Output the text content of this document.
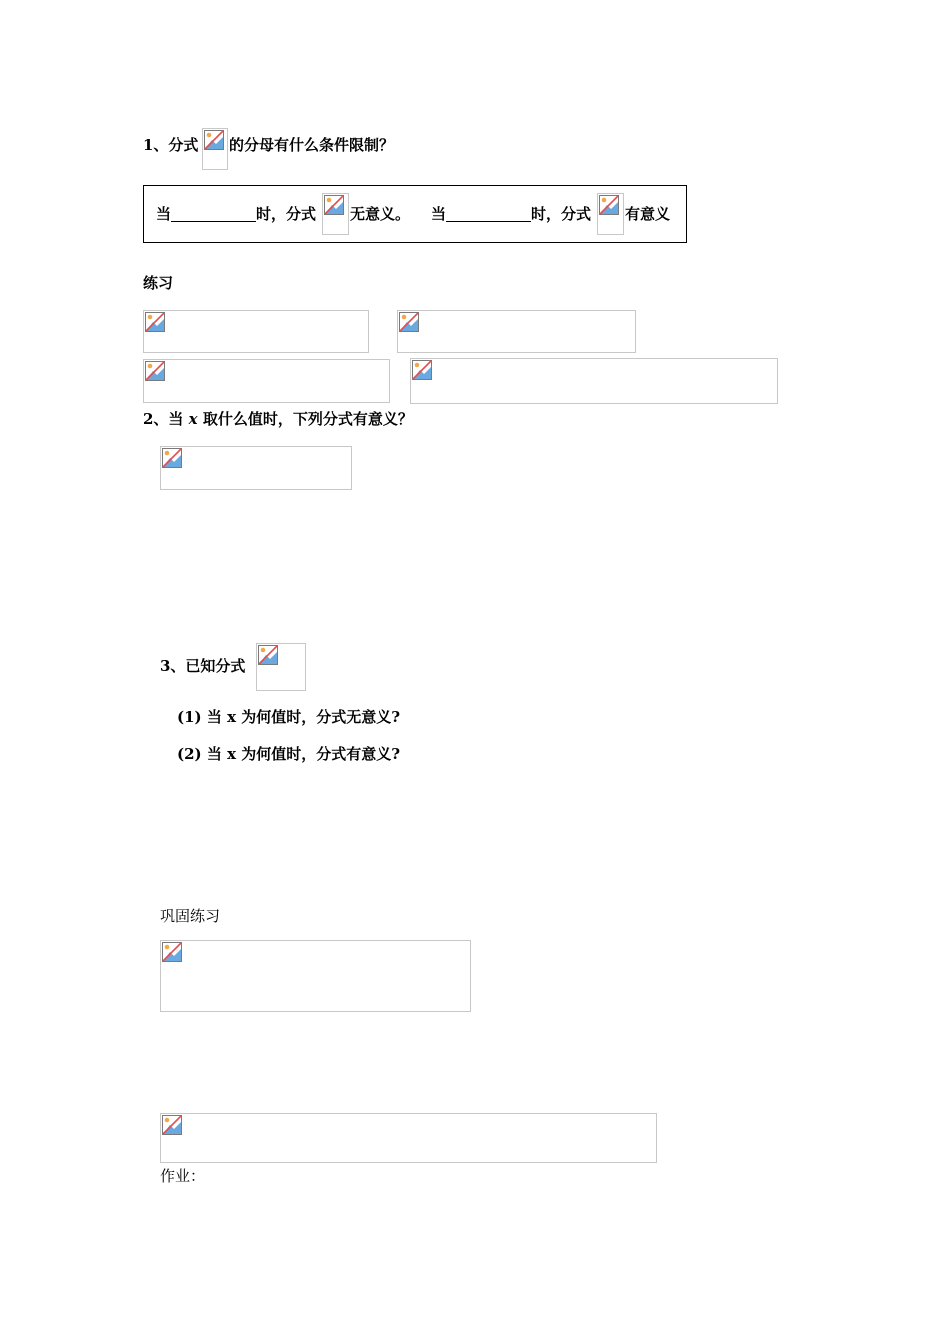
1、分式 的分母有什么条件限制？
当	时，分式 无意义。 当	时，分式 有意义
练习
2、当 x 取什么值时，下列分式有意义？
3、已知分式
(1) 当 x 为何值时，分式无意义?
(2) 当 x 为何值时，分式有意义?
巩固练习
作业：
